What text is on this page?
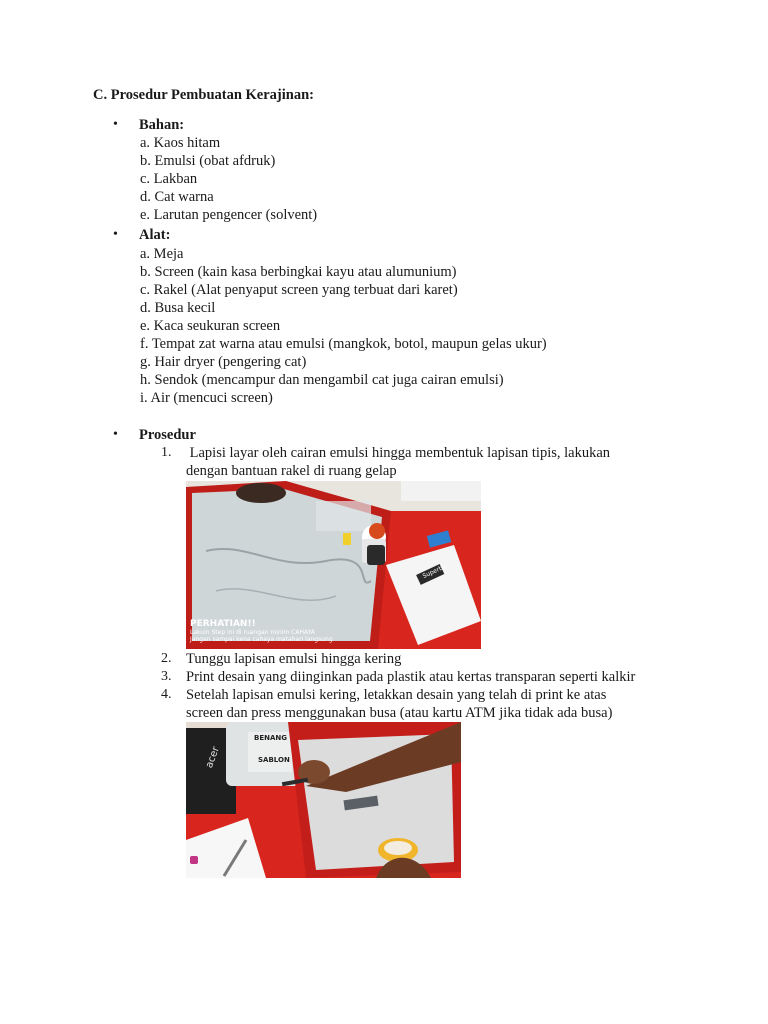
C. Prosedur Pembuatan Kerajinan:
• Bahan:
a. Kaos hitam
b. Emulsi (obat afdruk)
c. Lakban
d. Cat warna
e. Larutan pengencer (solvent)
• Alat:
a. Meja
b. Screen (kain kasa berbingkai kayu atau alumunium)
c. Rakel (Alat penyaput screen yang terbuat dari karet)
d. Busa kecil
e. Kaca seukuran screen
f. Tempat zat warna atau emulsi (mangkok, botol, maupun gelas ukur)
g. Hair dryer (pengering cat)
h. Sendok (mencampur dan mengambil cat juga cairan emulsi)
i. Air (mencuci screen)
• Prosedur
1. Lapisi layar oleh cairan emulsi hingga membentuk lapisan tipis, lakukan
dengan bantuan rakel di ruang gelap
Superba
PERHATIAN!!
Lakuin Step ini di ruangan minim CAHAYA
Jangan sampai kena cahaya matahari langsung
2. Tunggu lapisan emulsi hingga kering
3. Print desain yang diinginkan pada plastik atau kertas transparan seperti kalkir
4. Setelah lapisan emulsi kering, letakkan desain yang telah di print ke atas
screen dan press menggunakan busa (atau kartu ATM jika tidak ada busa)
BENANG
SABLON
acer
